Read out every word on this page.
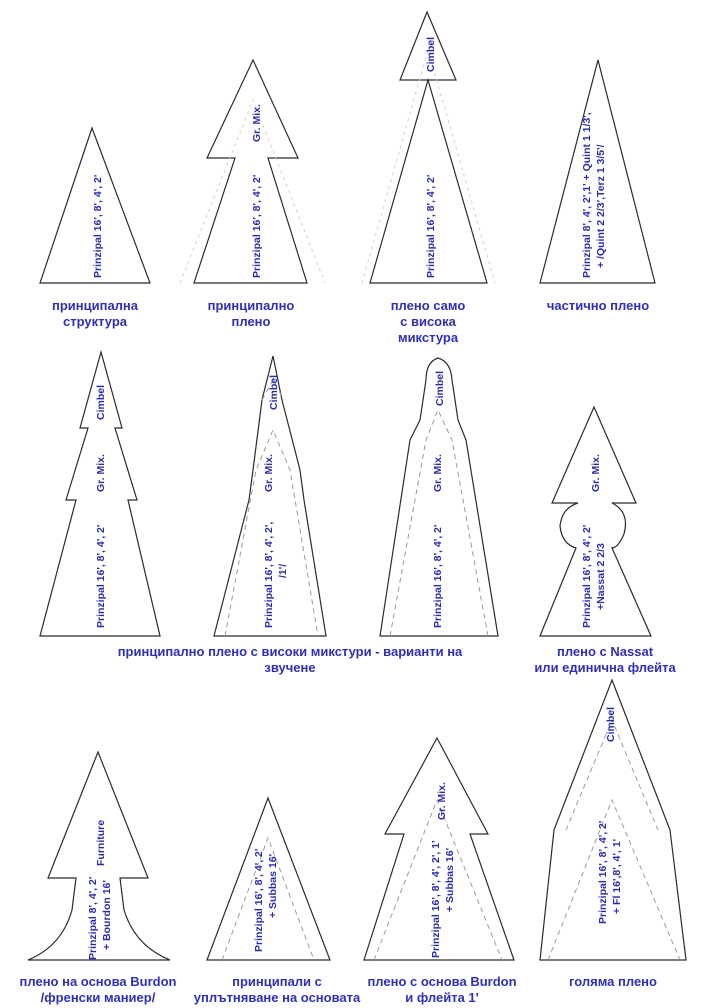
Prinzipal 16', 8', 4', 2'	Prinzipal 16', 8', 4', 2'
Gr. Mix.
Prinzipal 16', 8', 4', 2'
Cimbel
Prinzipal 8', 4', 2',1' + Quint 1 1/3', + /Quint 2 2/3',Terz 1 3/5'/
Prinzipal 16', 8', 4', 2'
Gr. Mix.
Cimbel
Prinzipal 16', 8', 4', 2', /1'/
Gr. Mix.
Cimbel
Prinzipal 16', 8', 4', 2'
Gr. Mix.
Cimbel
Prinzipal 16', 8', 4', 2' +Nassat 2 2/3
Gr. Mix.
Prinzipal 8', 4', 2' + Bourdon 16'
Furniture
Prinzipal 16', 8', 4', 2' + Subbas 16'	Prinzipal 16', 8', 4', 2', 1' + Subbas 16'
Gr. Mix.
Prinzipal 16', 8', 4', 2' + Fl 16',8', 4', 1'
Cimbel
принципална
структура
принципално
плено
плено само
с висока
микстура
частично плено
принципално плено с високи микстури - варианти на
звучене
плено с Nassat
или единична флейта
плено на основа Burdon
/френски маниер/
принципали с
уплътняване на основата
плено с основа Burdon
и флейта 1'
голяма плено
